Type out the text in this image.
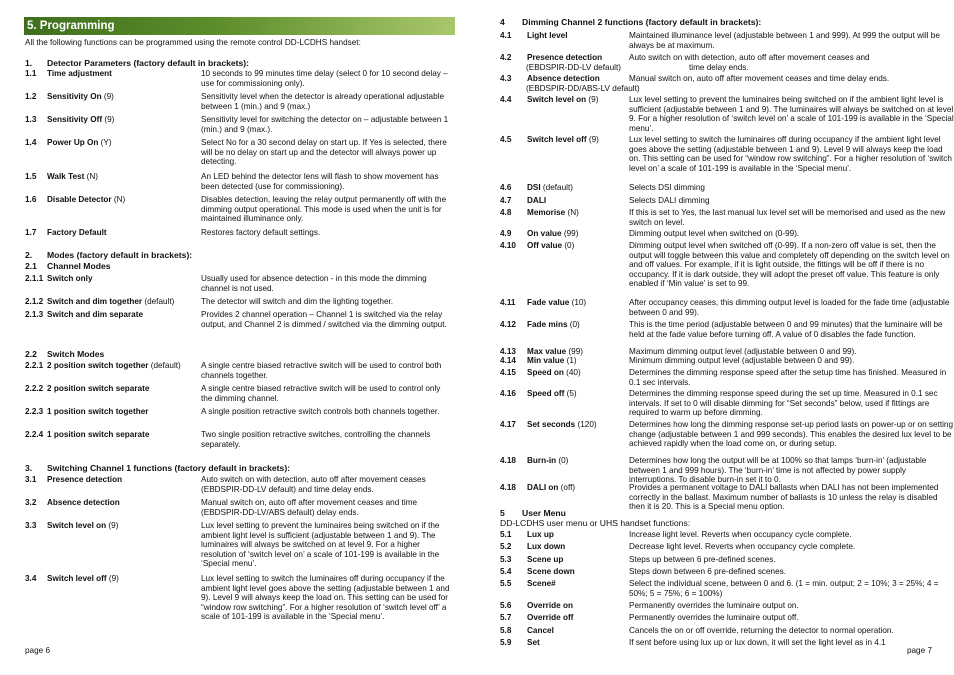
5. Programming
All the following functions can be programmed using the remote control DD-LCDHS handset:
1. Detector Parameters (factory default in brackets):
1.1 Time adjustment	10 seconds to 99 minutes time delay (select 0 for 10 second delay – use for commissioning only).
1.2 Sensitivity On (9)	Sensitivity level when the detector is already operational adjustable between 1 (min.) and 9 (max.)
1.3 Sensitivity Off (9)	Sensitivity level for switching the detector on – adjustable between 1 (min.) and 9 (max.).
1.4 Power Up On (Y)	Select No for a 30 second delay on start up. If Yes is selected, there will be no delay on start up and the detector will always power up detecting.
1.5 Walk Test (N)	An LED behind the detector lens will flash to show movement has been detected (use for commissioning).
1.6 Disable Detector (N)	Disables detection, leaving the relay output permanently off with the dimming output operational. This mode is used when the unit is for maintained illuminance only.
1.7 Factory Default	Restores factory default settings.
2. Modes (factory default in brackets):
2.1 Channel Modes
2.1.1 Switch only	Usually used for absence detection - in this mode the dimming channel is not used.
2.1.2 Switch and dim together (default)	The detector will switch and dim the lighting together.
2.1.3 Switch and dim separate	Provides 2 channel operation – Channel 1 is switched via the relay output, and Channel 2 is dimmed / switched via the dimming output.
2.2 Switch Modes
2.2.1 2 position switch together (default) A single centre biased retractive switch will be used to control both channels together.
2.2.2 2 position switch separate	A single centre biased retractive switch will be used to control only the dimming channel.
2.2.3 1 position switch together	A single position retractive switch controls both channels together.
2.2.4 1 position switch separate	Two single position retractive switches, controlling the channels separately.
3. Switching Channel 1 functions (factory default in brackets):
3.1 Presence detection	Auto switch on with detection, auto off after movement ceases (EBDSPIR-DD-LV default) and time delay ends.
3.2 Absence detection	Manual switch on, auto off after movement ceases and time (EBDSPIR-DD-LV/ABS default) delay ends.
3.3 Switch level on (9)	Lux level setting to prevent the luminaires being switched on if the ambient light level is sufficient (adjustable between 1 and 9). The luminaires will always be switched on at level 9. For a higher resolution of ‘switch level on’ a scale of 101-199 is available in the ‘Special menu’.
3.4 Switch level off (9)	Lux level setting to switch the luminaires off during occupancy if the ambient light level goes above the setting (adjustable between 1 and 9). Level 9 will always keep the load on. This setting can be used for “window row switching”. For a higher resolution of ‘switch level off’ a scale of 101-199 is available in the ‘Special menu’.
page 6
4 Dimming Channel 2 functions (factory default in brackets):
4.1 Light level	Maintained illuminance level (adjustable between 1 and 999). At 999 the output will be always be at maximum.
4.2 Presence detection	Auto switch on with detection, auto off after movement ceases and
(EBDSPIR-DD-LV default)	time delay ends.
4.3 Absence detection	Manual switch on, auto off after movement ceases and time delay ends.
(EBDSPIR-DD/ABS-LV default)
4.4 Switch level on (9)	Lux level setting to prevent the luminaires being switched on if the ambient light level is sufficient (adjustable between 1 and 9). The luminaires will always be switched on at level 9. For a higher resolution of ‘switch level on’ a scale of 101-199 is available in the ‘Special menu’.
4.5 Switch level off (9)	Lux level setting to switch the luminaires off during occupancy if the ambient light level goes above the setting (adjustable between 1 and 9). Level 9 will always keep the load on. This setting can be used for “window row switching”. For a higher resolution of ‘switch level on’ a scale of 101-199 is available in the ‘Special menu’.
4.6 DSI (default)	Selects DSI dimming
4.7 DALI	Selects DALI dimming
4.8 Memorise (N)	If this is set to Yes, the last manual lux level set will be memorised and used as the new switch on level.
4.9 On value (99)	Dimming output level when switched on (0-99).
4.10 Off value (0)	Dimming output level when switched off (0-99). If a non-zero off value is set, then the output will toggle between this value and completely off depending on the switch level on and off values. For example, if it is light outside, the fittings will be off if there is no occupancy. If it is dark outside, they will adopt the preset off value. This feature is only enabled if ‘Min value’ is set to 99.
4.11 Fade value (10)	After occupancy ceases, this dimming output level is loaded for the fade time (adjustable between 0 and 99).
4.12 Fade mins (0)	This is the time period (adjustable between 0 and 99 minutes) that the luminaire will be held at the fade value before turning off. A value of 0 disables the fade function.
4.13 Max value (99)	Maximum dimming output level (adjustable between 0 and 99).
4.14 Min value (1)	Minimum dimming output level (adjustable between 0 and 99).
4.15 Speed on (40)	Determines the dimming response speed after the setup time has finished. Measured in 0.1 sec intervals.
4.16 Speed off (5)	Determines the dimming response speed during the set up time. Measured in 0.1 sec intervals. If set to 0 will disable dimming for “Set seconds” below, used if fittings are required to warm up before dimming.
4.17 Set seconds (120)	Determines how long the dimming response set-up period lasts on power-up or on setting change (adjustable between 1 and 999 seconds). This enables the desired lux level to be achieved rapidly when the load come on, or during setup.
4.18 Burn-in (0)	Determines how long the output will be at 100% so that lamps ‘burn-in’ (adjustable between 1 and 999 hours). The ‘burn-in’ time is not affected by power supply interruptions. To disable burn-in set it to 0.
4.18 DALI on (off)	Provides a permanent voltage to DALI ballasts when DALI has not been implemented correctly in the ballast. Maximum number of ballasts is 10 unless the relay is disabled then it is 20. This is a Special menu option.
5 User Menu
DD-LCDHS user menu or UHS handset functions:
5.1 Lux up	Increase light level. Reverts when occupancy cycle complete.
5.2 Lux down	Decrease light level. Reverts when occupancy cycle complete.
5.3 Scene up	Steps up between 6 pre-defined scenes.
5.4 Scene down	Steps down between 6 pre-defined scenes.
5.5 Scene#	Select the individual scene, between 0 and 6. (1 = min. output; 2 = 10%; 3 = 25%; 4 = 50%; 5 = 75%; 6 = 100%)
5.6 Override on	Permanently overrides the luminaire output on.
5.7 Override off	Permanently overrides the luminaire output off.
5.8 Cancel	Cancels the on or off override, returning the detector to normal operation.
5.9 Set	If sent before using lux up or lux down, it will set the light level as in 4.1
page 7
